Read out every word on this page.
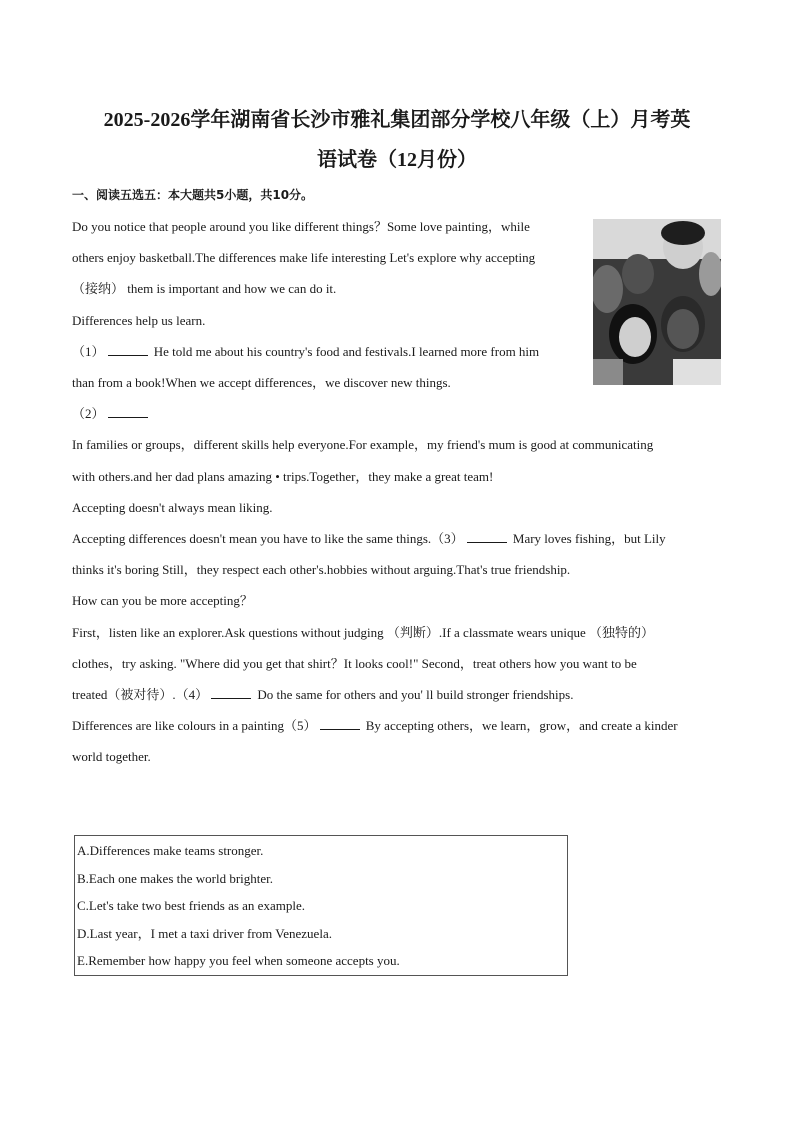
2025-2026学年湖南省长沙市雅礼集团部分学校八年级（上）月考英
语试卷（12月份）
一、阅读五选五：本大题共5小题，共10分。
Do you notice that people around you like different things？Some love painting，while
others enjoy basketball.The differences make life interesting Let's explore why accepting
（接纳） them is important and how we can do it.
Differences help us learn.
（1）	He told me about his country's food and festivals.I learned more from him
than from a book!When we accept differences，we discover new things.
（2）
In families or groups，different skills help everyone.For example，my friend's mum is good at communicating
with others.and her dad plans amazing • trips.Together，they make a great team!
Accepting doesn't always mean liking.
Accepting differences doesn't mean you have to like the same things.（3）	Mary loves fishing，but Lily
thinks it's boring Still，they respect each other's.hobbies without arguing.That's true friendship.
How can you be more accepting？
First，listen like an explorer.Ask questions without judging （判断）.If a classmate wears unique （独特的）
clothes，try asking. "Where did you get that shirt？It looks cool!" Second，treat others how you want to be
treated（被对待）.（4）	Do the same for others and you' ll build stronger friendships.
Differences are like colours in a painting（5）	By accepting others，we learn，grow，and create a kinder
world together.
A.Differences make teams stronger.
B.Each one makes the world brighter.
C.Let's take two best friends as an example.
D.Last year，I met a taxi driver from Venezuela.
E.Remember how happy you feel when someone accepts you.
